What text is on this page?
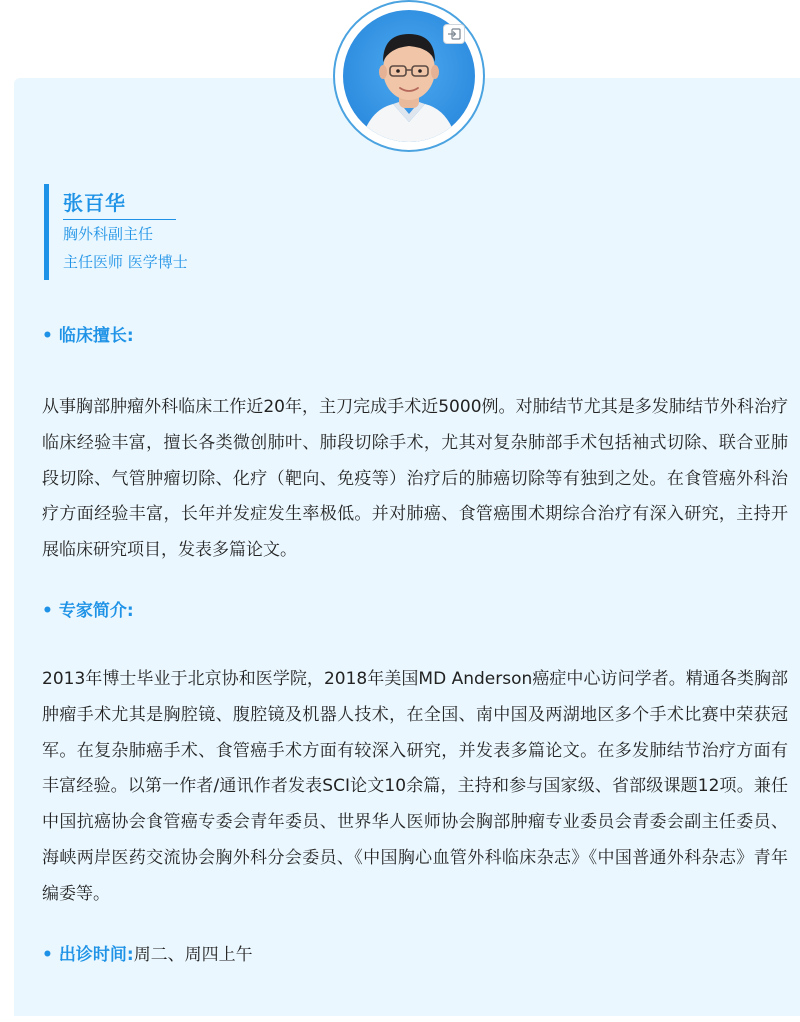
张百华
胸外科副主任
主任医师 医学博士
• 临床擅长:

从事胸部肿瘤外科临床工作近20年，主刀完成手术近5000例。对肺结节尤其是多发肺结节外科治疗临床经验丰富，擅长各类微创肺叶、肺段切除手术，尤其对复杂肺部手术包括袖式切除、联合亚肺段切除、气管肿瘤切除、化疗（靶向、免疫等）治疗后的肺癌切除等有独到之处。在食管癌外科治疗方面经验丰富，长年并发症发生率极低。并对肺癌、食管癌围术期综合治疗有深入研究，主持开展临床研究项目，发表多篇论文。

• 专家简介:

2013年博士毕业于北京协和医学院，2018年美国MD Anderson癌症中心访问学者。精通各类胸部肿瘤手术尤其是胸腔镜、腹腔镜及机器人技术，在全国、南中国及两湖地区多个手术比赛中荣获冠军。在复杂肺癌手术、食管癌手术方面有较深入研究，并发表多篇论文。在多发肺结节治疗方面有丰富经验。以第一作者/通讯作者发表SCI论文10余篇，主持和参与国家级、省部级课题12项。兼任中国抗癌协会食管癌专委会青年委员、世界华人医师协会胸部肿瘤专业委员会青委会副主任委员、海峡两岸医药交流协会胸外科分会委员、《中国胸心血管外科临床杂志》《中国普通外科杂志》青年编委等。

• 出诊时间:周二、周四上午
